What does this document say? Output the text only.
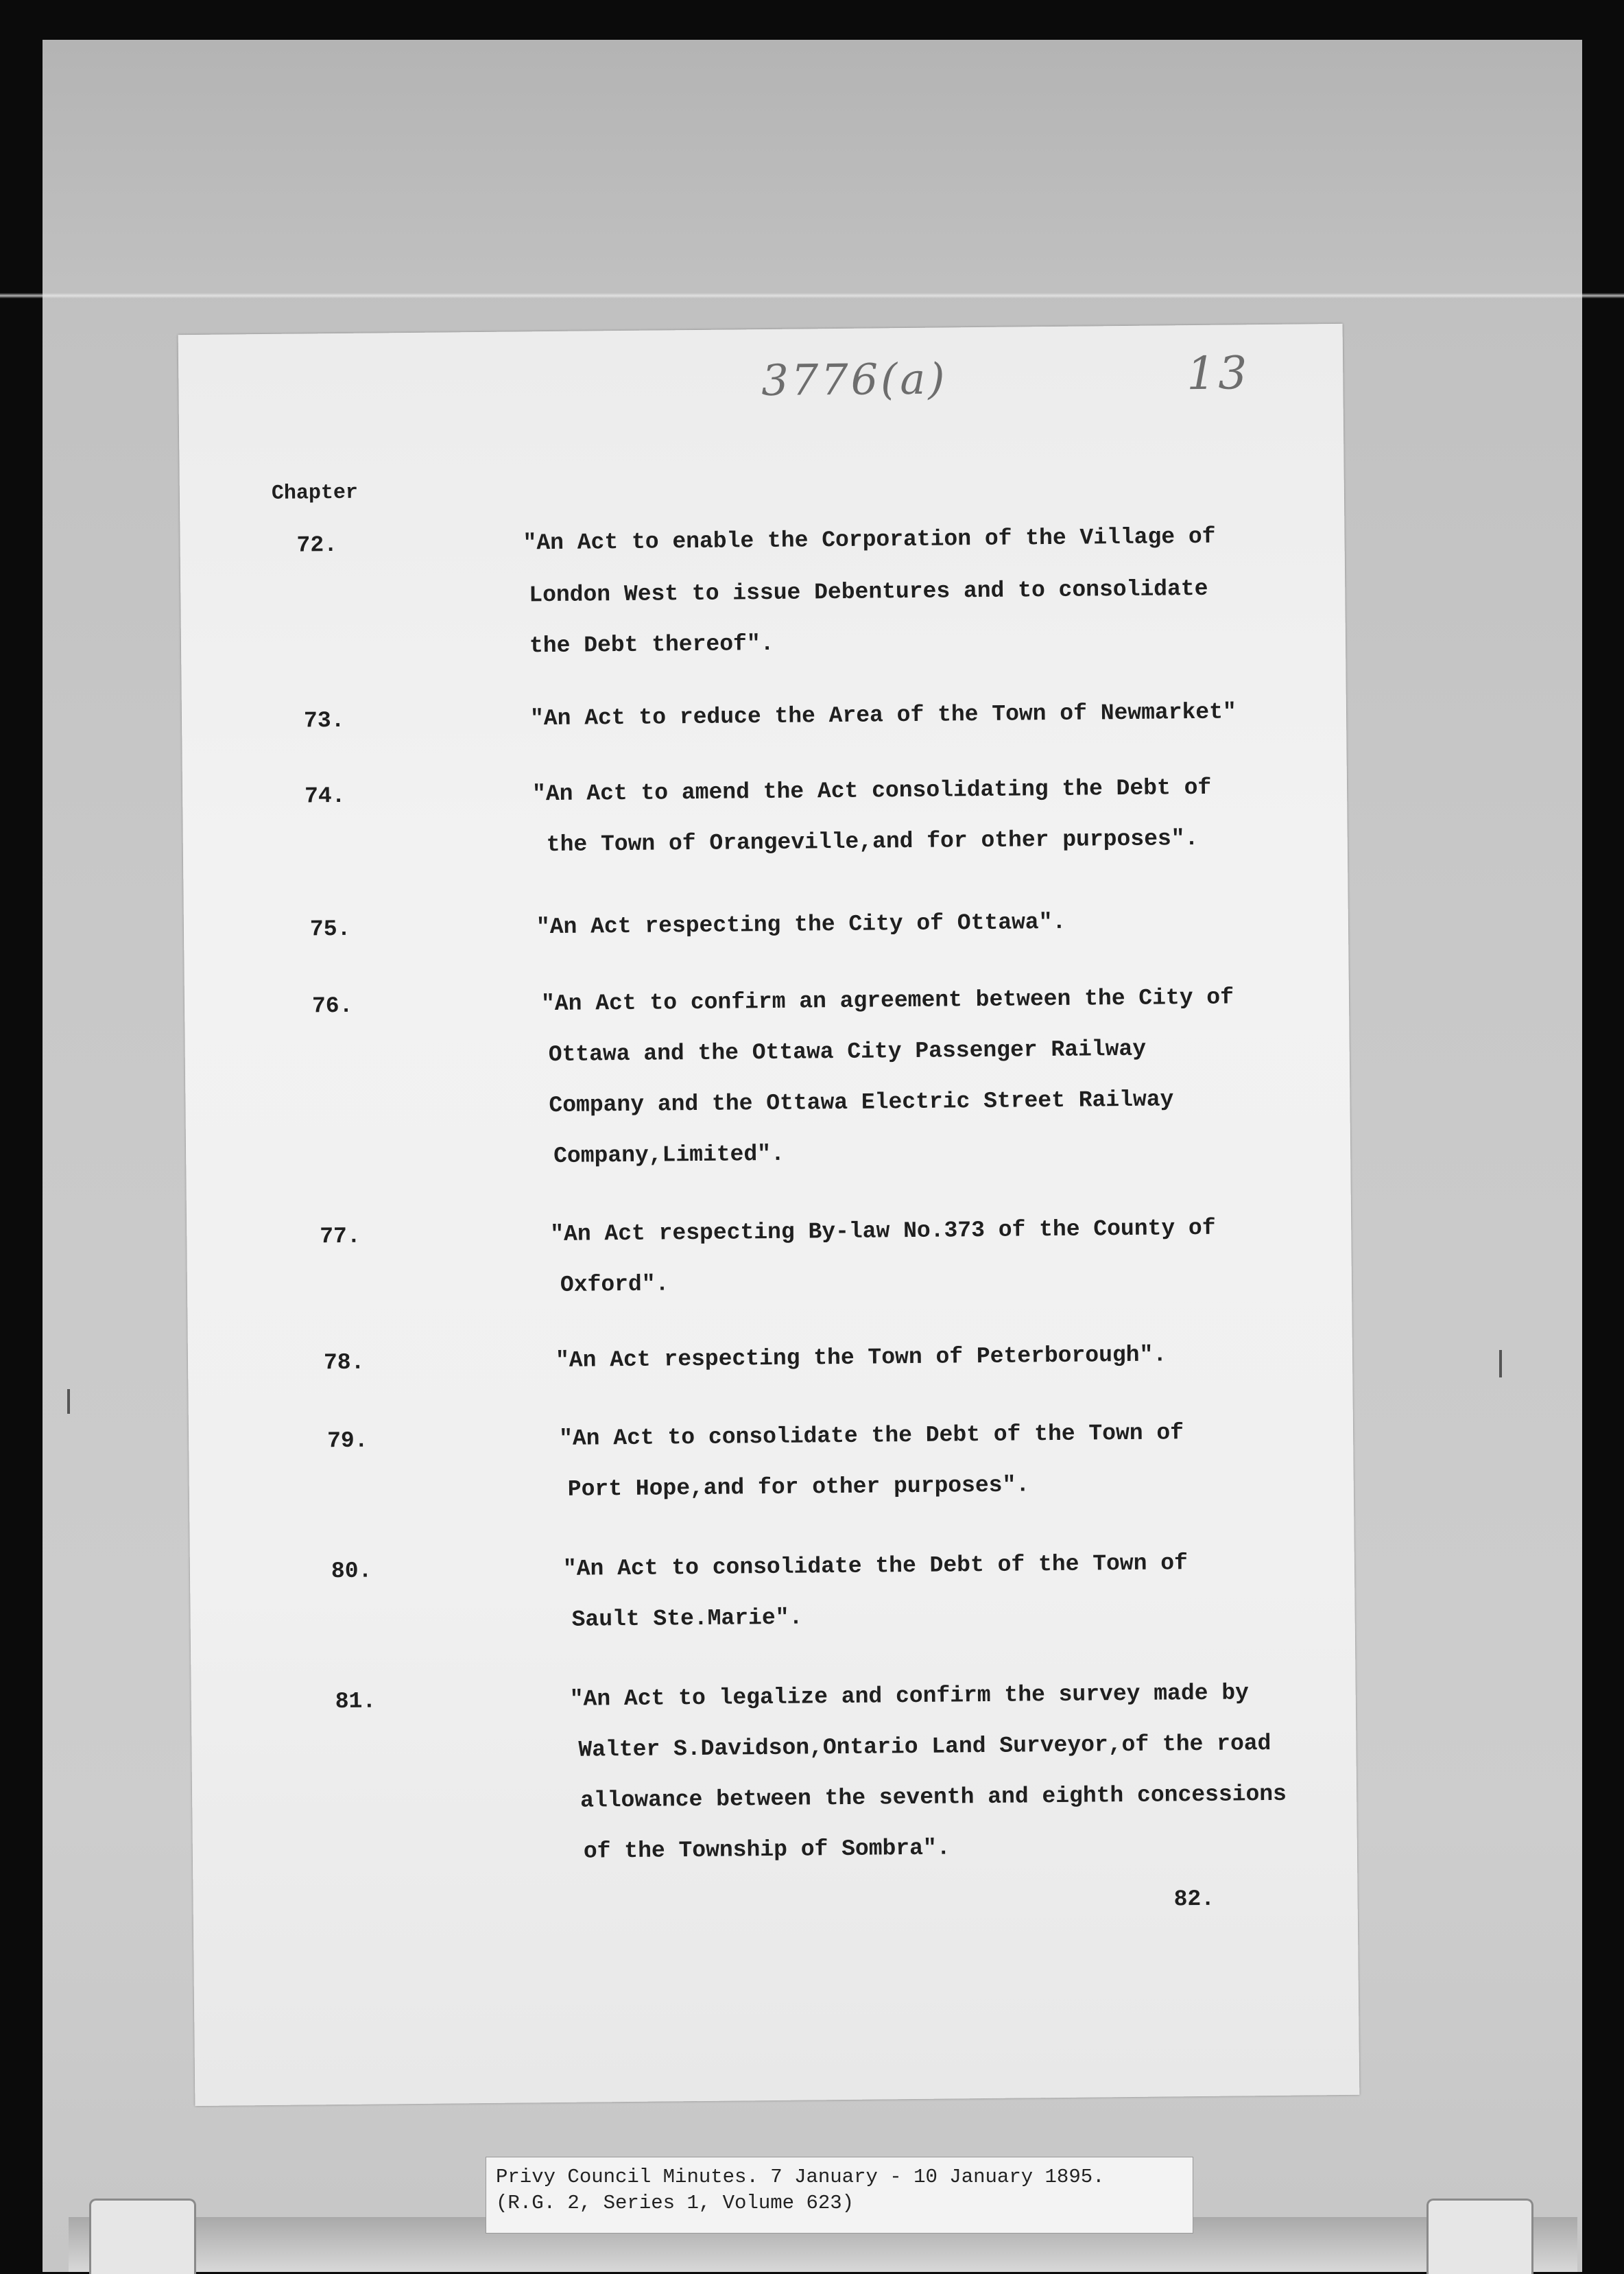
3776(a)	13
Chapter
72.	"An Act to enable the Corporation of the Village of
London West to issue Debentures and to consolidate
the Debt thereof".
73.	"An Act to reduce the Area of the Town of Newmarket"
74.	"An Act to amend the Act consolidating the Debt of
the Town of Orangeville,and for other purposes".
75.	"An Act respecting the City of Ottawa".
76.	"An Act to confirm an agreement between the City of
Ottawa and the Ottawa City Passenger Railway
Company and the Ottawa Electric Street Railway
Company,Limited".
77.	"An Act respecting By-law No.373 of the County of
Oxford".
78.	"An Act respecting the Town of Peterborough".
79.	"An Act to consolidate the Debt of the Town of
Port Hope,and for other purposes".
80.	"An Act to consolidate the Debt of the Town of
Sault Ste.Marie".
81.	"An Act to legalize and confirm the survey made by
Walter S.Davidson,Ontario Land Surveyor,of the road
allowance between the seventh and eighth concessions
of the Township of Sombra".
82.
Privy Council Minutes. 7 January - 10 January 1895.
(R.G. 2, Series 1, Volume 623)
